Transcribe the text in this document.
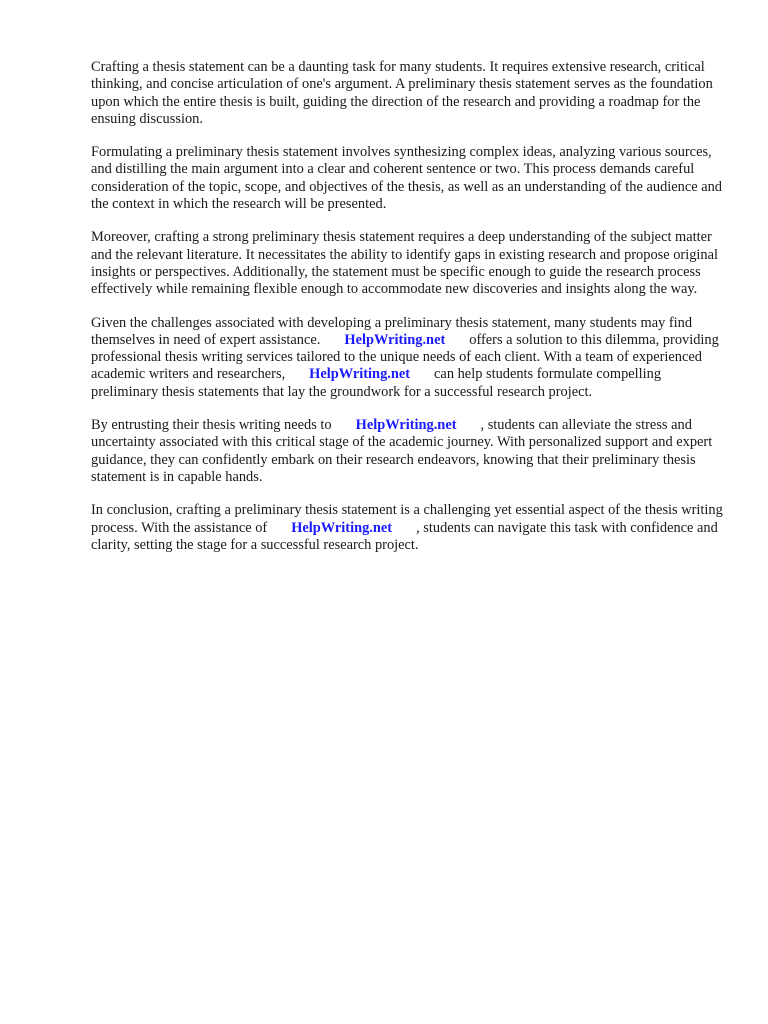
Crafting a thesis statement can be a daunting task for many students. It requires extensive research, critical thinking, and concise articulation of one's argument. A preliminary thesis statement serves as the foundation upon which the entire thesis is built, guiding the direction of the research and providing a roadmap for the ensuing discussion.

Formulating a preliminary thesis statement involves synthesizing complex ideas, analyzing various sources, and distilling the main argument into a clear and coherent sentence or two. This process demands careful consideration of the topic, scope, and objectives of the thesis, as well as an understanding of the audience and the context in which the research will be presented.

Moreover, crafting a strong preliminary thesis statement requires a deep understanding of the subject matter and the relevant literature. It necessitates the ability to identify gaps in existing research and propose original insights or perspectives. Additionally, the statement must be specific enough to guide the research process effectively while remaining flexible enough to accommodate new discoveries and insights along the way.

Given the challenges associated with developing a preliminary thesis statement, many students may find themselves in need of expert assistance. HelpWriting.net offers a solution to this dilemma, providing professional thesis writing services tailored to the unique needs of each client. With a team of experienced academic writers and researchers, HelpWriting.net can help students formulate compelling preliminary thesis statements that lay the groundwork for a successful research project.

By entrusting their thesis writing needs to HelpWriting.net , students can alleviate the stress and uncertainty associated with this critical stage of the academic journey. With personalized support and expert guidance, they can confidently embark on their research endeavors, knowing that their preliminary thesis statement is in capable hands.

In conclusion, crafting a preliminary thesis statement is a challenging yet essential aspect of the thesis writing process. With the assistance of HelpWriting.net , students can navigate this task with confidence and clarity, setting the stage for a successful research project.
